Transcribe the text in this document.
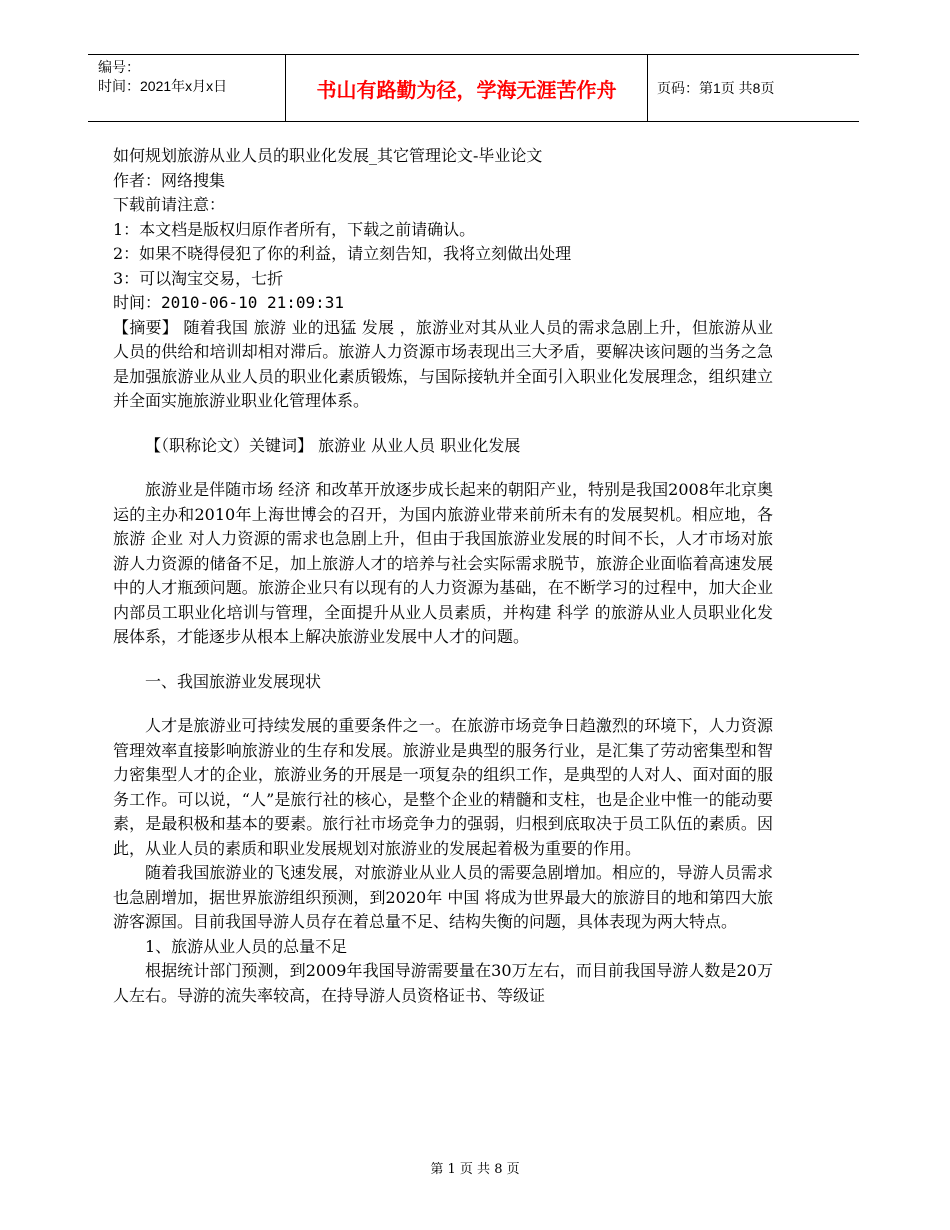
编号：
时间：2021年x月x日	书山有路勤为径，学海无涯苦作舟	页码：第1页 共8页
如何规划旅游从业人员的职业化发展_其它管理论文-毕业论文
作者：网络搜集
下载前请注意：
1：本文档是版权归原作者所有，下载之前请确认。
2：如果不晓得侵犯了你的利益，请立刻告知，我将立刻做出处理
3：可以淘宝交易，七折
时间：2010-06-10 21:09:31

【摘要】 随着我国 旅游 业的迅猛 发展 ，旅游业对其从业人员的需求急剧上升，但旅游从业人员的供给和培训却相对滞后。旅游人力资源市场表现出三大矛盾，要解决该问题的当务之急是加强旅游业从业人员的职业化素质锻炼，与国际接轨并全面引入职业化发展理念，组织建立并全面实施旅游业职业化管理体系。

【（职称论文）关键词】 旅游业 从业人员 职业化发展

旅游业是伴随市场 经济 和改革开放逐步成长起来的朝阳产业，特别是我国2008年北京奥运的主办和2010年上海世博会的召开，为国内旅游业带来前所未有的发展契机。相应地，各旅游 企业 对人力资源的需求也急剧上升，但由于我国旅游业发展的时间不长，人才市场对旅游人力资源的储备不足，加上旅游人才的培养与社会实际需求脱节，旅游企业面临着高速发展中的人才瓶颈问题。旅游企业只有以现有的人力资源为基础，在不断学习的过程中，加大企业内部员工职业化培训与管理，全面提升从业人员素质，并构建 科学 的旅游从业人员职业化发展体系，才能逐步从根本上解决旅游业发展中人才的问题。

一、我国旅游业发展现状

人才是旅游业可持续发展的重要条件之一。在旅游市场竞争日趋激烈的环境下，人力资源管理效率直接影响旅游业的生存和发展。旅游业是典型的服务行业，是汇集了劳动密集型和智力密集型人才的企业，旅游业务的开展是一项复杂的组织工作，是典型的人对人、面对面的服务工作。可以说，“人”是旅行社的核心，是整个企业的精髓和支柱，也是企业中惟一的能动要素，是最积极和基本的要素。旅行社市场竞争力的强弱，归根到底取决于员工队伍的素质。因此，从业人员的素质和职业发展规划对旅游业的发展起着极为重要的作用。

随着我国旅游业的飞速发展，对旅游业从业人员的需要急剧增加。相应的，导游人员需求也急剧增加，据世界旅游组织预测，到2020年 中国 将成为世界最大的旅游目的地和第四大旅游客源国。目前我国导游人员存在着总量不足、结构失衡的问题，具体表现为两大特点。

1、旅游从业人员的总量不足

根据统计部门预测，到2009年我国导游需要量在30万左右，而目前我国导游人数是20万人左右。导游的流失率较高，在持导游人员资格证书、等级证

第 1 页 共 8 页
